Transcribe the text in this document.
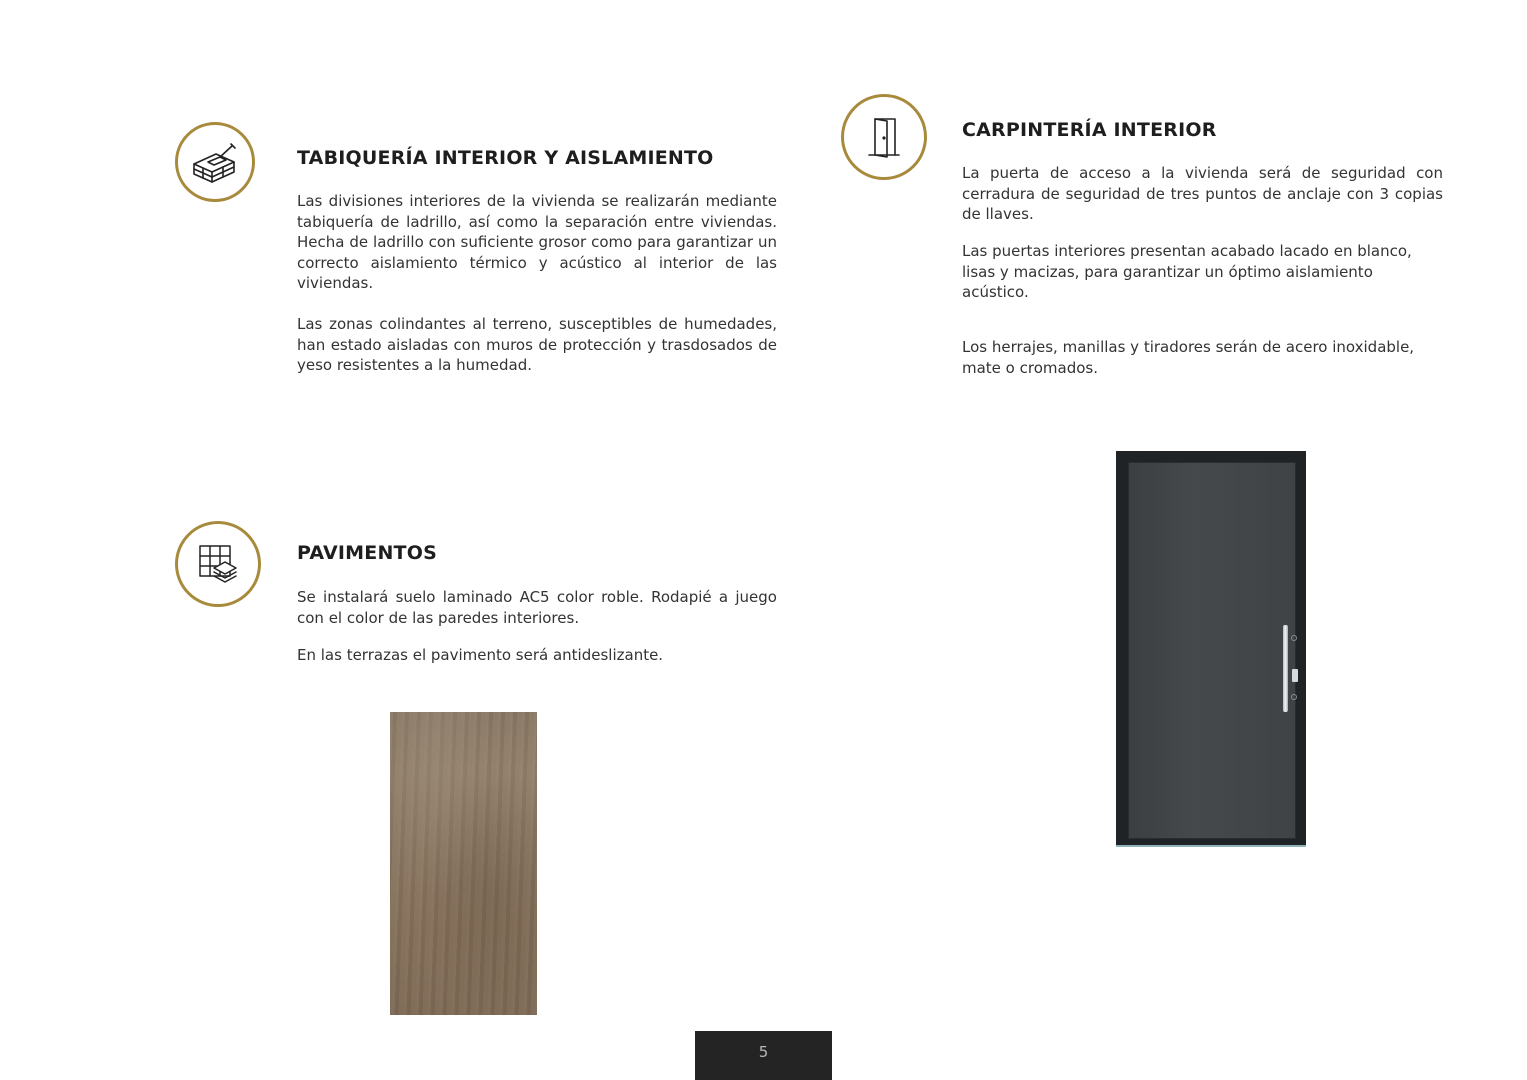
TABIQUERÍA INTERIOR Y AISLAMIENTO

Las divisiones interiores de la vivienda se realizarán mediante tabiquería de ladrillo, así como la separación entre viviendas. Hecha de ladrillo con suficiente grosor como para garantizar un correcto aislamiento térmico y acústico al interior de las viviendas.

Las zonas colindantes al terreno, susceptibles de humedades, han estado aisladas con muros de protección y trasdosados de yeso resistentes a la humedad.

CARPINTERÍA INTERIOR

La puerta de acceso a la vivienda será de seguridad con cerradura de seguridad de tres puntos de anclaje con 3 copias de llaves.

Las puertas interiores presentan acabado lacado en blanco, lisas y macizas, para garantizar un óptimo aislamiento acústico.

Los herrajes, manillas y tiradores serán de acero inoxidable, mate o cromados.

PAVIMENTOS

Se instalará suelo laminado AC5 color roble. Rodapié a juego con el color de las paredes interiores.

En las terrazas el pavimento será antideslizante.

5
